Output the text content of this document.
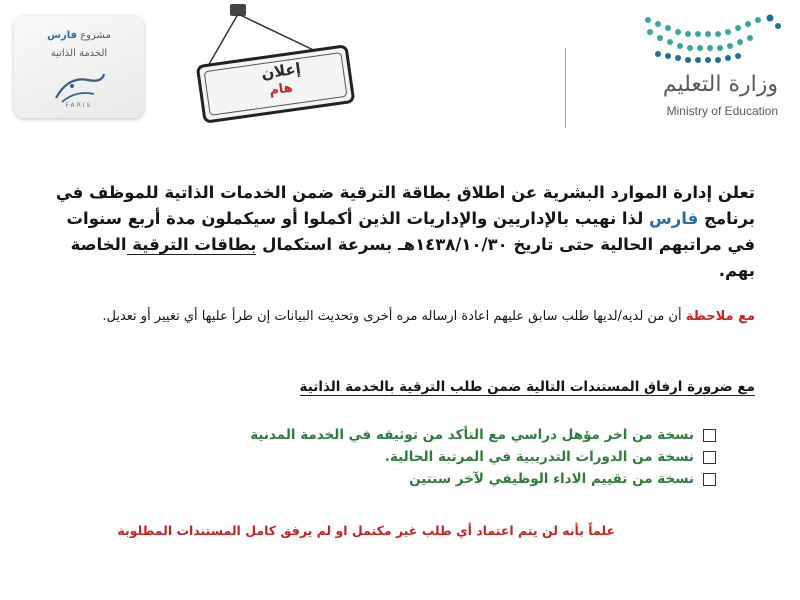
مشروع فارس
الخدمة الذاتية
FARIS
إعلان
هام	وزارة التعليم
Ministry of Education
تعلن إدارة الموارد البشرية عن اطلاق بطاقة الترقية ضمن الخدمات الذاتية للموظف في برنامج فارس لذا نهيب بالإداريين والإداريات الذين أكملوا أو سيكملون مدة أربع سنوات في مراتبهم الحالية حتى تاريخ ١٤٣٨/١٠/٣٠هـ بسرعة استكمال بطاقات الترقية الخاصة بهم.
مع ملاحظة أن من لديه/لديها طلب سابق عليهم اعادة ارساله مره أخرى وتحديث البيانات إن طرأ عليها أي تغيير أو تعديل.
مع ضرورة ارفاق المستندات التالية ضمن طلب الترقية بالخدمة الذاتية
نسخة من اخر مؤهل دراسي مع التأكد من توثيقه في الخدمة المدنية
نسخة من الدورات التدريبية في المرتبة الحالية.
نسخة من تقييم الاداء الوظيفي لآخر سنتين
علماً بأنه لن يتم اعتماد أي طلب غير مكتمل او لم يرفق كامل المستندات المطلوبة
